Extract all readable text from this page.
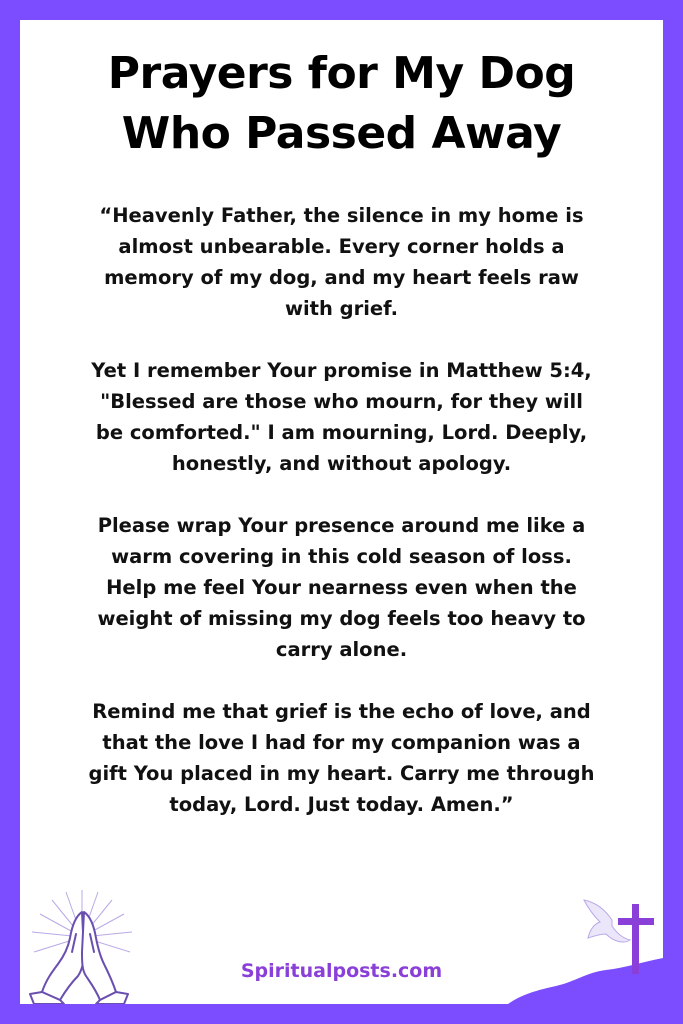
Prayers for My Dog
Who Passed Away

“Heavenly Father, the silence in my home is
almost unbearable. Every corner holds a
memory of my dog, and my heart feels raw
with grief.

Yet I remember Your promise in Matthew 5:4,
"Blessed are those who mourn, for they will
be comforted." I am mourning, Lord. Deeply,
honestly, and without apology.

Please wrap Your presence around me like a
warm covering in this cold season of loss.
Help me feel Your nearness even when the
weight of missing my dog feels too heavy to
carry alone.

Remind me that grief is the echo of love, and
that the love I had for my companion was a
gift You placed in my heart. Carry me through
today, Lord. Just today. Amen.”

Spiritualposts.com
